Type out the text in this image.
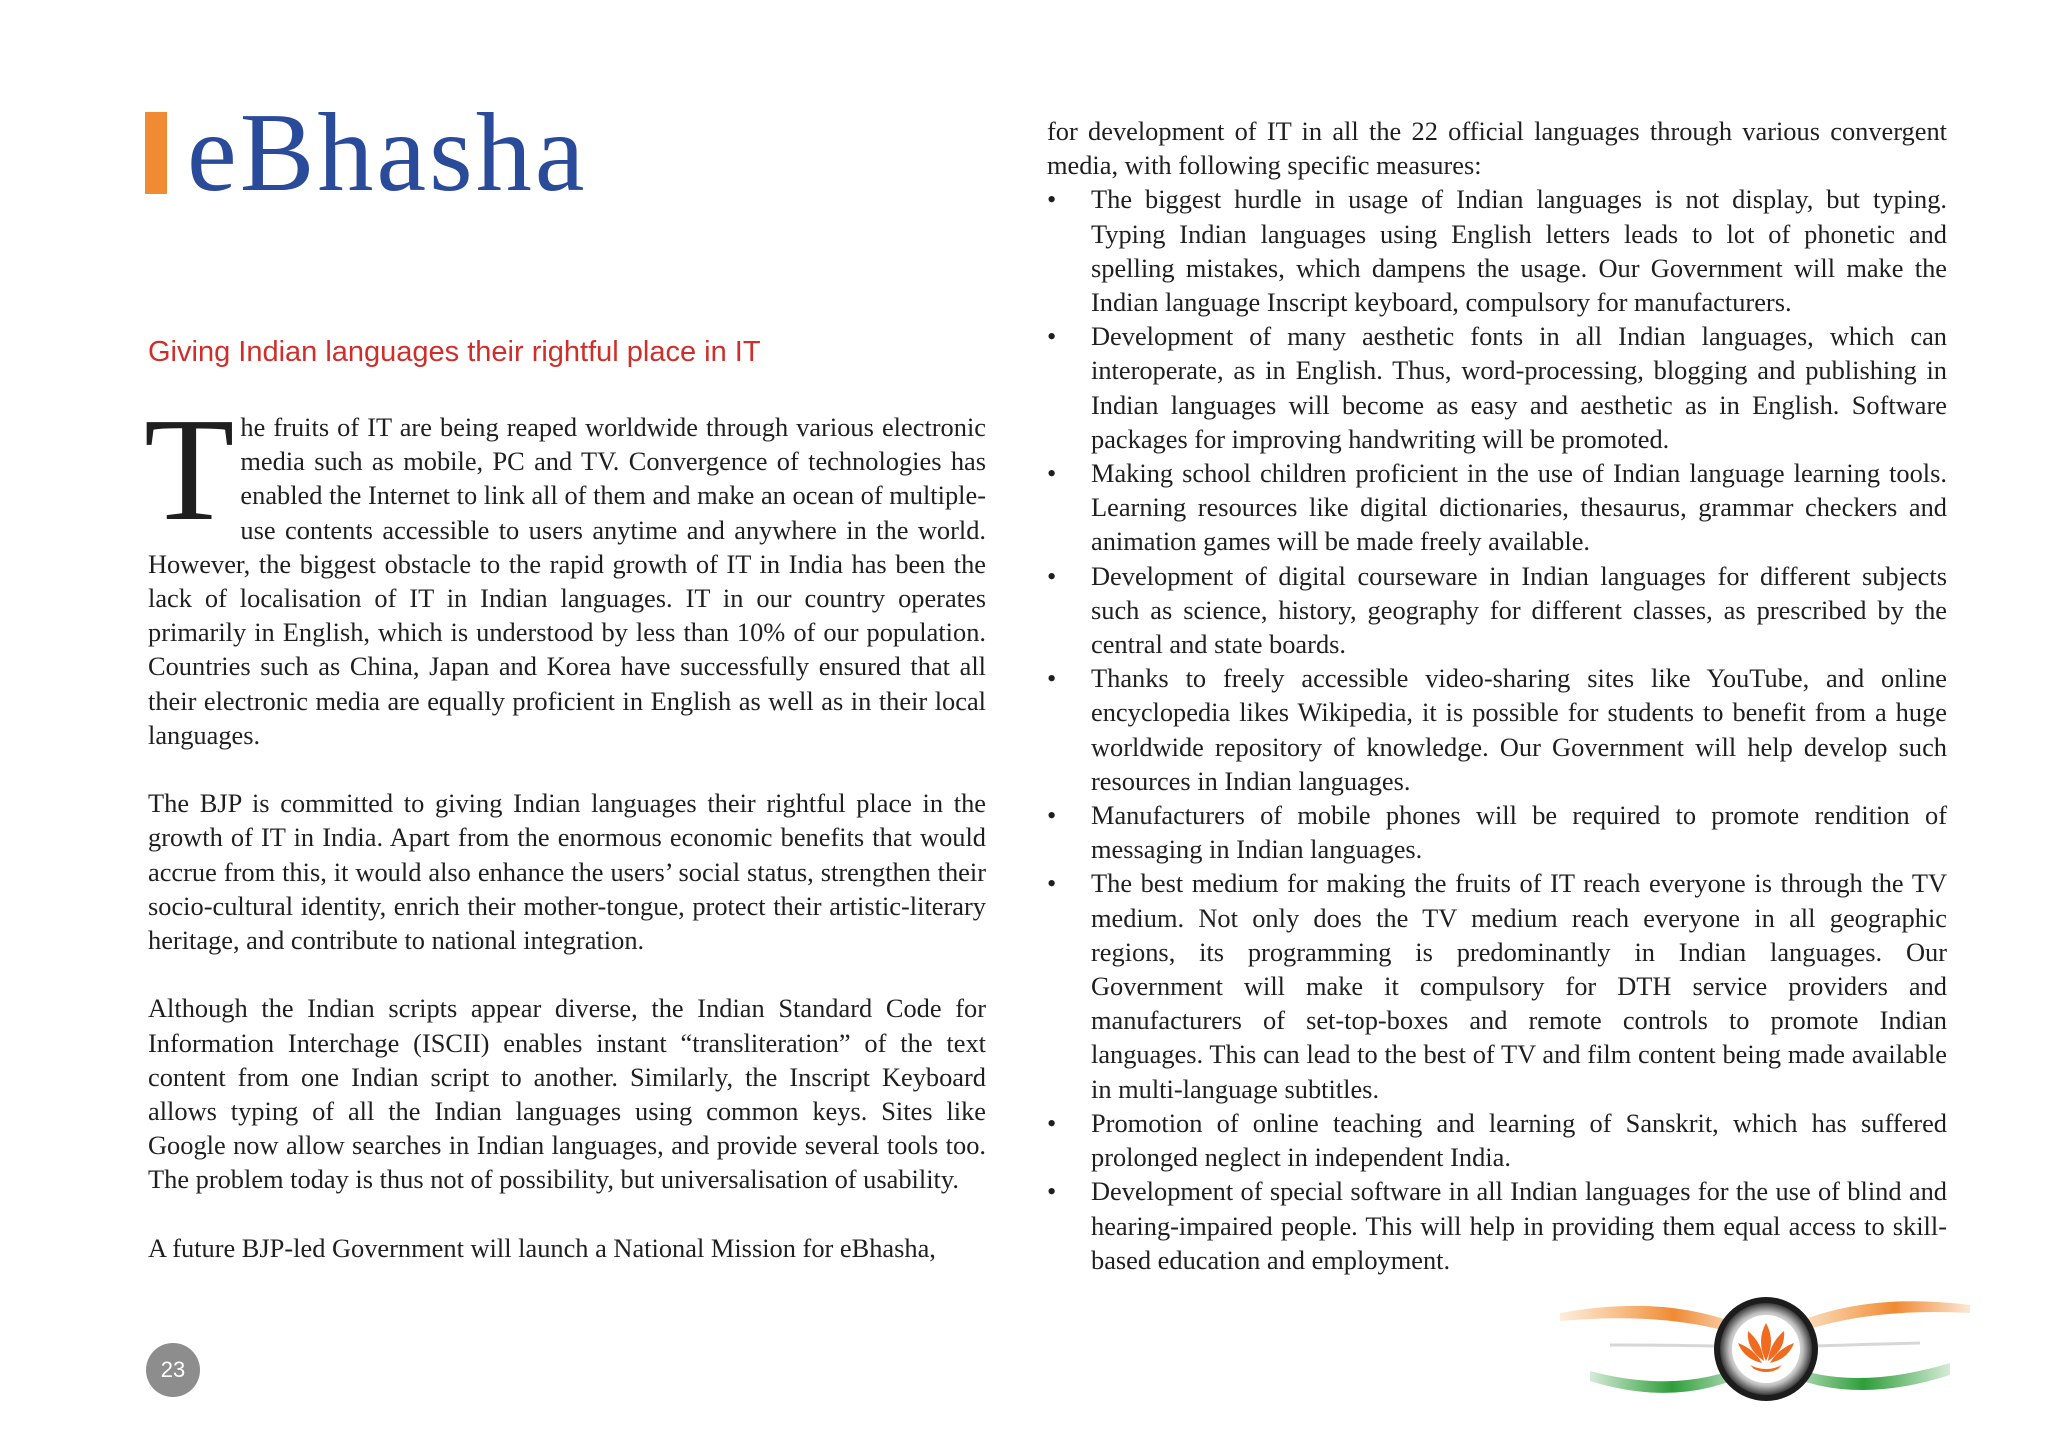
eBhasha
Giving Indian languages their rightful place in IT

The fruits of IT are being reaped worldwide through various electronic media such as mobile, PC and TV. Convergence of technologies has enabled the Internet to link all of them and make an ocean of multiple-use contents accessible to users anytime and anywhere in the world. However, the biggest obstacle to the rapid growth of IT in India has been the lack of localisation of IT in Indian languages. IT in our country operates primarily in English, which is understood by less than 10% of our population. Countries such as China, Japan and Korea have successfully ensured that all their electronic media are equally proficient in English as well as in their local languages.

The BJP is committed to giving Indian languages their rightful place in the growth of IT in India. Apart from the enormous economic benefits that would accrue from this, it would also enhance the users’ social status, strengthen their socio-cultural identity, enrich their mother-tongue, protect their artistic-literary heritage, and contribute to national integration.

Although the Indian scripts appear diverse, the Indian Standard Code for Information Interchage (ISCII) enables instant “transliteration” of the text content from one Indian script to another. Similarly, the Inscript Keyboard allows typing of all the Indian languages using common keys. Sites like Google now allow searches in Indian languages, and provide several tools too. The problem today is thus not of possibility, but universalisation of usability.

A future BJP-led Government will launch a National Mission for eBhasha,

for development of IT in all the 22 official languages through various convergent media, with following specific measures:

• The biggest hurdle in usage of Indian languages is not display, but typing. Typing Indian languages using English letters leads to lot of phonetic and spelling mistakes, which dampens the usage. Our Government will make the Indian language Inscript keyboard, compulsory for manufacturers.
• Development of many aesthetic fonts in all Indian languages, which can interoperate, as in English. Thus, word-processing, blogging and publishing in Indian languages will become as easy and aesthetic as in English. Software packages for improving handwriting will be promoted.
• Making school children proficient in the use of Indian language learning tools. Learning resources like digital dictionaries, thesaurus, grammar checkers and animation games will be made freely available.
• Development of digital courseware in Indian languages for different subjects such as science, history, geography for different classes, as prescribed by the central and state boards.
• Thanks to freely accessible video-sharing sites like YouTube, and online encyclopedia likes Wikipedia, it is possible for students to benefit from a huge worldwide repository of knowledge. Our Government will help develop such resources in Indian languages.
• Manufacturers of mobile phones will be required to promote rendition of messaging in Indian languages.
• The best medium for making the fruits of IT reach everyone is through the TV medium. Not only does the TV medium reach everyone in all geographic regions, its programming is predominantly in Indian languages. Our Government will make it compulsory for DTH service providers and manufacturers of set-top-boxes and remote controls to promote Indian languages. This can lead to the best of TV and film content being made available in multi-language subtitles.
• Promotion of online teaching and learning of Sanskrit, which has suffered prolonged neglect in independent India.
• Development of special software in all Indian languages for the use of blind and hearing-impaired people. This will help in providing them equal access to skill-based education and employment.
23
